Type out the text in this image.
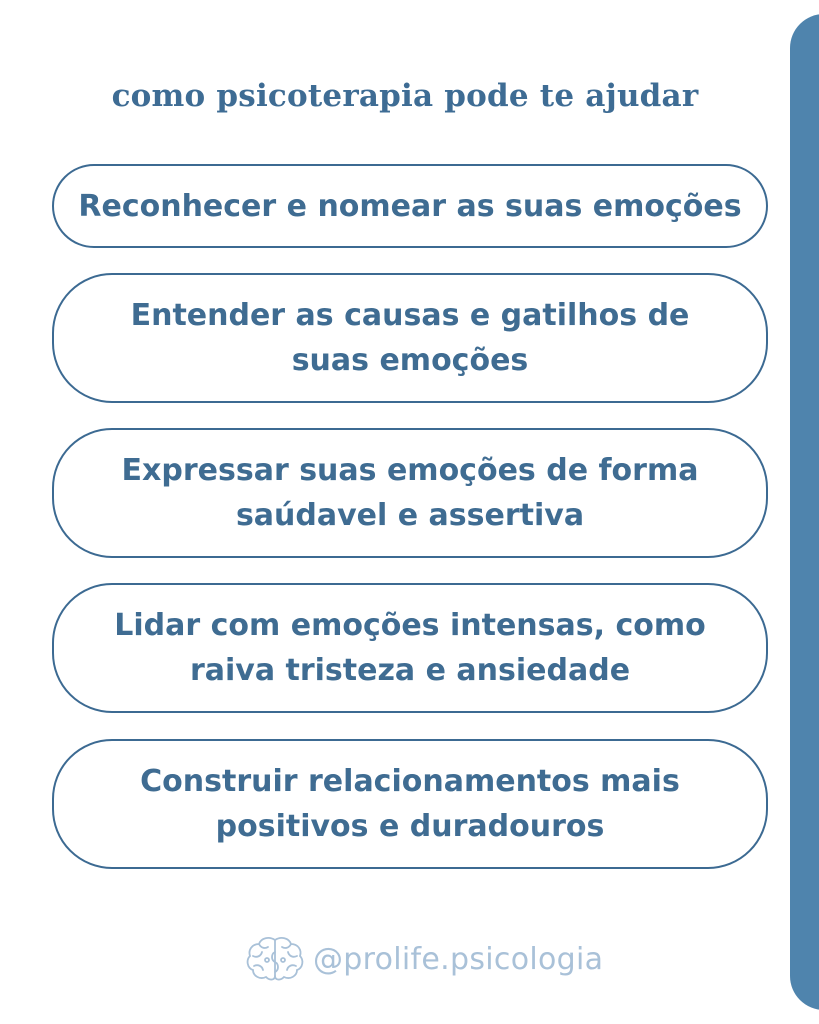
como psicoterapia pode te ajudar
Reconhecer e nomear as suas emoções
Entender as causas e gatilhos de suas emoções
Expressar suas emoções de forma saúdavel e assertiva
Lidar com emoções intensas, como raiva tristeza e ansiedade
Construir relacionamentos mais positivos e duradouros
@prolife.psicologia
